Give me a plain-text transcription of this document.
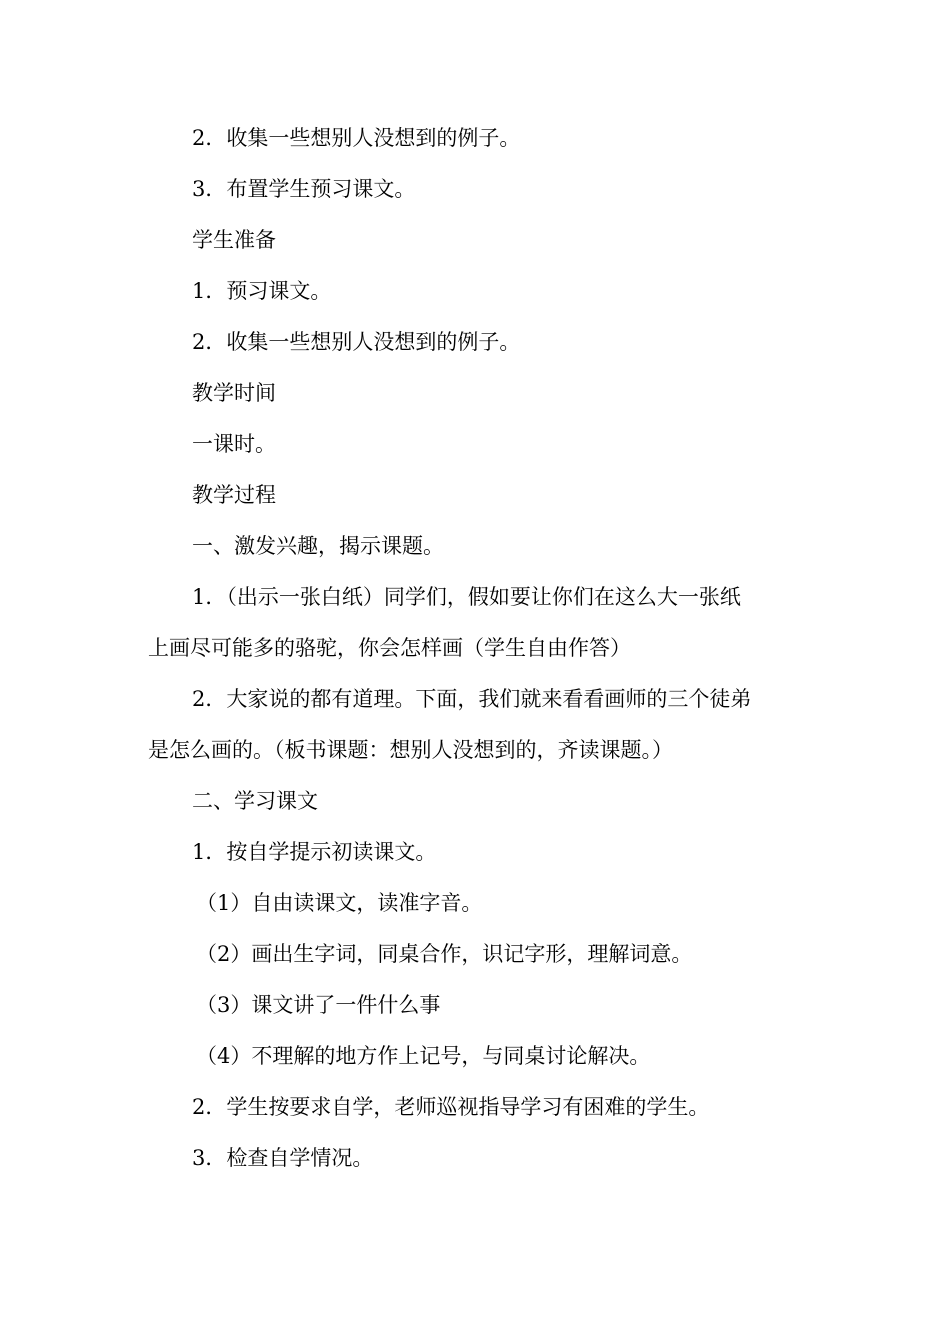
2．收集一些想别人没想到的例子。
3．布置学生预习课文。
学生准备
1．预习课文。
2．收集一些想别人没想到的例子。
教学时间
一课时。
教学过程
一、激发兴趣，揭示课题。
1．（出示一张白纸）同学们，假如要让你们在这么大一张纸
上画尽可能多的骆驼，你会怎样画（学生自由作答）
2．大家说的都有道理。下面，我们就来看看画师的三个徒弟
是怎么画的。（板书课题：想别人没想到的，齐读课题。）
二、学习课文
1．按自学提示初读课文。
（1）自由读课文，读准字音。
（2）画出生字词，同桌合作，识记字形，理解词意。
（3）课文讲了一件什么事
（4）不理解的地方作上记号，与同桌讨论解决。
2．学生按要求自学，老师巡视指导学习有困难的学生。
3．检查自学情况。
